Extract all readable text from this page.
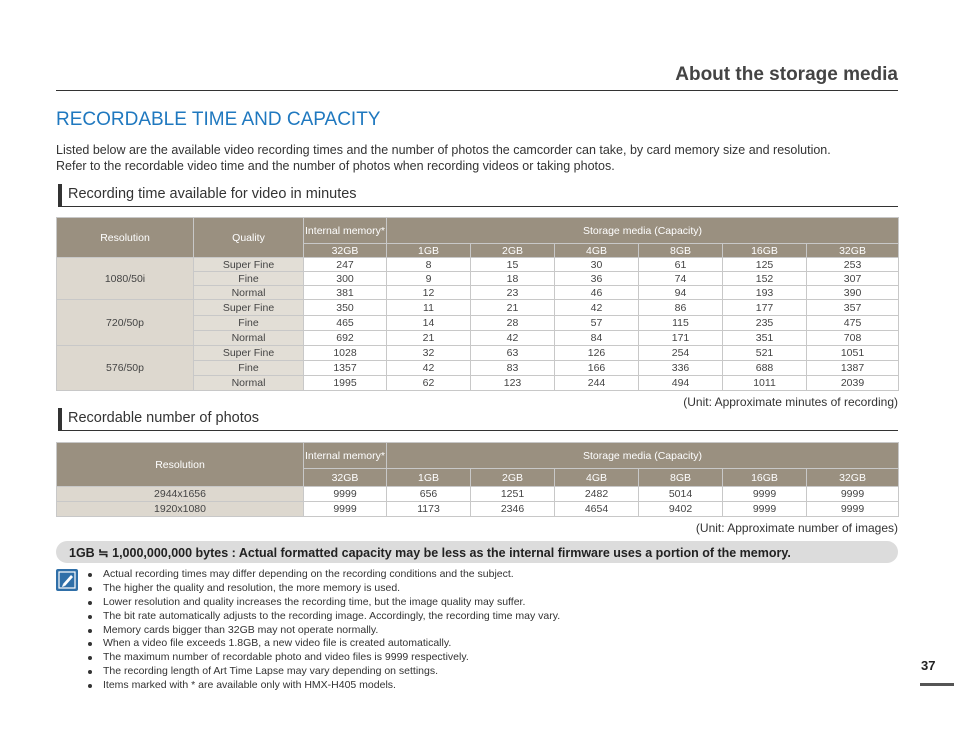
About the storage media
RECORDABLE TIME AND CAPACITY

Listed below are the available video recording times and the number of photos the camcorder can take, by card memory size and resolution.

Refer to the recordable video time and the number of photos when recording videos or taking photos.

Recording time available for video in minutes
Resolution	Quality	Internal memory*	Storage media (Capacity)					
		32GB	1GB	2GB	4GB	8GB	16GB	32GB
1080/50i	Super Fine	247	8	15	30	61	125	253
	Fine	300	9	18	36	74	152	307
	Normal	381	12	23	46	94	193	390
720/50p	Super Fine	350	11	21	42	86	177	357
	Fine	465	14	28	57	115	235	475
	Normal	692	21	42	84	171	351	708
576/50p	Super Fine	1028	32	63	126	254	521	1051
	Fine	1357	42	83	166	336	688	1387
	Normal	1995	62	123	244	494	1011	2039
(Unit: Approximate minutes of recording)
Recordable number of photos
Resolution	Internal memory*	Storage media (Capacity)					
	32GB	1GB	2GB	4GB	8GB	16GB	32GB
2944x1656	9999	656	1251	2482	5014	9999	9999
1920x1080	9999	1173	2346	4654	9402	9999	9999
(Unit: Approximate number of images)
1GB ≒ 1,000,000,000 bytes : Actual formatted capacity may be less as the internal firmware uses a portion of the memory.
Actual recording times may differ depending on the recording conditions and the subject.
The higher the quality and resolution, the more memory is used.
Lower resolution and quality increases the recording time, but the image quality may suffer.
The bit rate automatically adjusts to the recording image. Accordingly, the recording time may vary.
Memory cards bigger than 32GB may not operate normally.
When a video file exceeds 1.8GB, a new video file is created automatically.
The maximum number of recordable photo and video files is 9999 respectively.
The recording length of Art Time Lapse may vary depending on settings.
Items marked with * are available only with HMX-H405 models.
37
